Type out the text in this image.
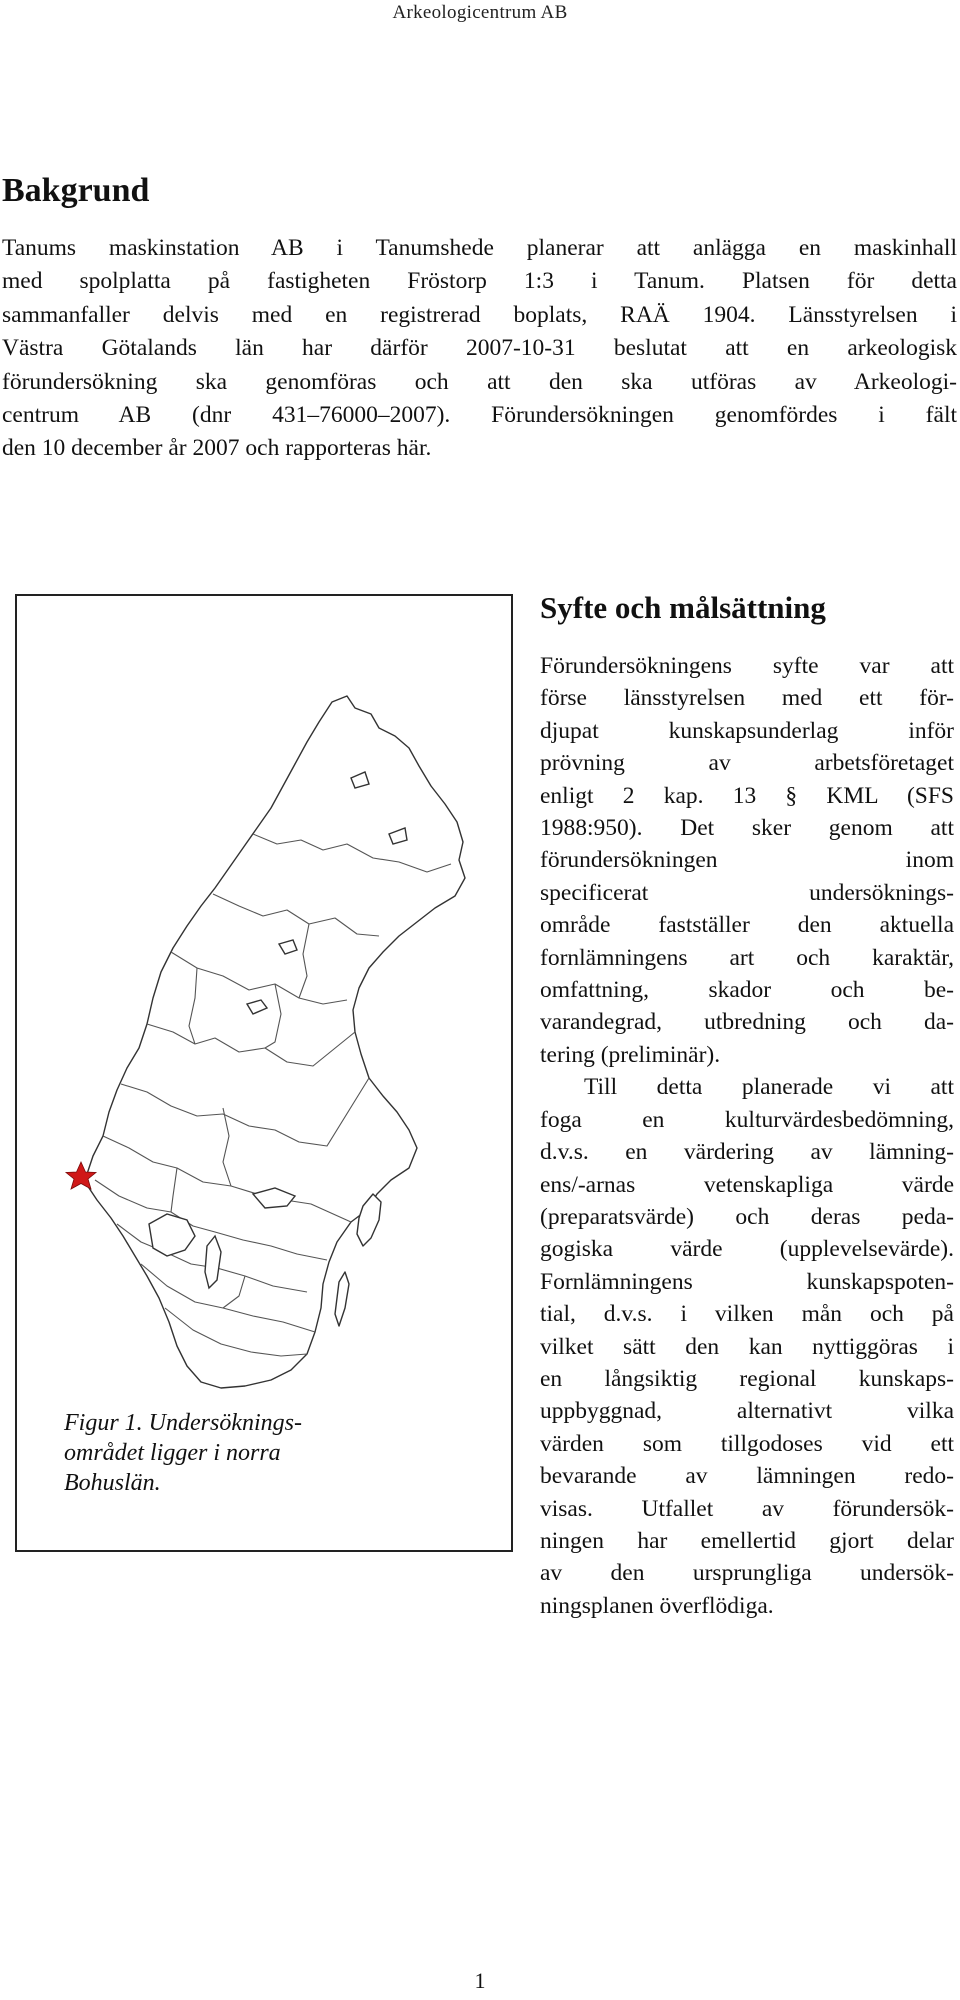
Arkeologicentrum AB
Bakgrund
Tanums maskinstation AB i Tanumshede planerar att anlägga en maskinhall
med spolplatta på fastigheten Fröstorp 1:3 i Tanum. Platsen för detta
sammanfaller delvis med en registrerad boplats, RAÄ 1904. Länsstyrelsen i
Västra Götalands län har därför 2007-10-31 beslutat att en arkeologisk
förundersökning ska genomföras och att den ska utföras av Arkeologi-
centrum AB (dnr 431–76000–2007). Förundersökningen genomfördes i fält
den 10 december år 2007 och rapporteras här.
Figur 1. Undersöknings-
området ligger i norra
Bohuslän.
Syfte och målsättning
Förundersökningens syfte var att
förse länsstyrelsen med ett för-
djupat kunskapsunderlag inför
prövning av arbetsföretaget
enligt 2 kap. 13 § KML (SFS
1988:950). Det sker genom att
förundersökningen inom
specificerat undersöknings-
område fastställer den aktuella
fornlämningens art och karaktär,
omfattning, skador och be-
varandegrad, utbredning och da-
tering (preliminär).
Till detta planerade vi att
foga en kulturvärdesbedömning,
d.v.s. en värdering av lämning-
ens/-arnas vetenskapliga värde
(preparatsvärde) och deras peda-
gogiska värde (upplevelsevärde).
Fornlämningens kunskapspoten-
tial, d.v.s. i vilken mån och på
vilket sätt den kan nyttiggöras i
en långsiktig regional kunskaps-
uppbyggnad, alternativt vilka
värden som tillgodoses vid ett
bevarande av lämningen redo-
visas. Utfallet av förundersök-
ningen har emellertid gjort delar
av den ursprungliga undersök-
ningsplanen överflödiga.
1
